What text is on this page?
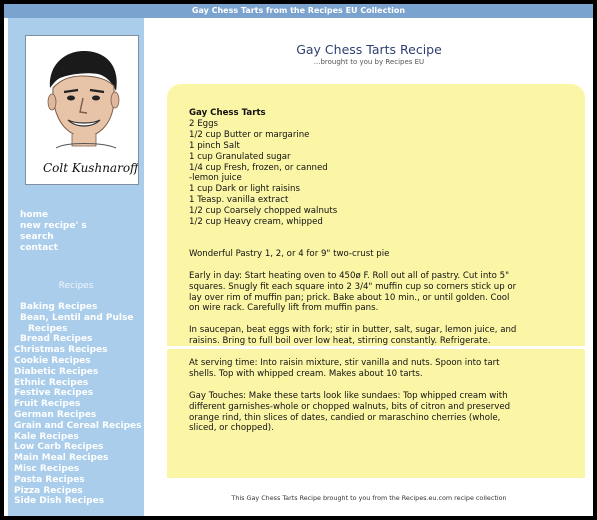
Gay Chess Tarts from the Recipes EU Collection
Colt Kushnaroff
home
new recipe' s
search
contact
Recipes
Baking Recipes
Bean, Lentil and Pulse
Recipes
Bread Recipes
Christmas Recipes
Cookie Recipes
Diabetic Recipes
Ethnic Recipes
Festive Recipes
Fruit Recipes
German Recipes
Grain and Cereal Recipes
Kale Recipes
Low Carb Recipes
Main Meal Recipes
Misc Recipes
Pasta Recipes
Pizza Recipes
Side Dish Recipes
Gay Chess Tarts Recipe
...brought to you by Recipes EU
Gay Chess Tarts
2 Eggs
1/2 cup Butter or margarine
1 pinch Salt
1 cup Granulated sugar
1/4 cup Fresh, frozen, or canned
-lemon juice
1 cup Dark or light raisins
1 Teasp. vanilla extract
1/2 cup Coarsely chopped walnuts
1/2 cup Heavy cream, whipped
Wonderful Pastry 1, 2, or 4 for 9" two-crust pie
Early in day: Start heating oven to 450ø F. Roll out all of pastry. Cut into 5" squares. Snugly fit each square into 2 3/4" muffin cup so corners stick up or lay over rim of muffin pan; prick. Bake about 10 min., or until golden. Cool on wire rack. Carefully lift from muffin pans.
In saucepan, beat eggs with fork; stir in butter, salt, sugar, lemon juice, and raisins. Bring to full boil over low heat, stirring constantly. Refrigerate.
At serving time: Into raisin mixture, stir vanilla and nuts. Spoon into tart shells. Top with whipped cream. Makes about 10 tarts.
Gay Touches: Make these tarts look like sundaes: Top whipped cream with different garnishes-whole or chopped walnuts, bits of citron and preserved orange rind, thin slices of dates, candied or maraschino cherries (whole, sliced, or chopped).
This Gay Chess Tarts Recipe brought to you from the Recipes.eu.com recipe collection
